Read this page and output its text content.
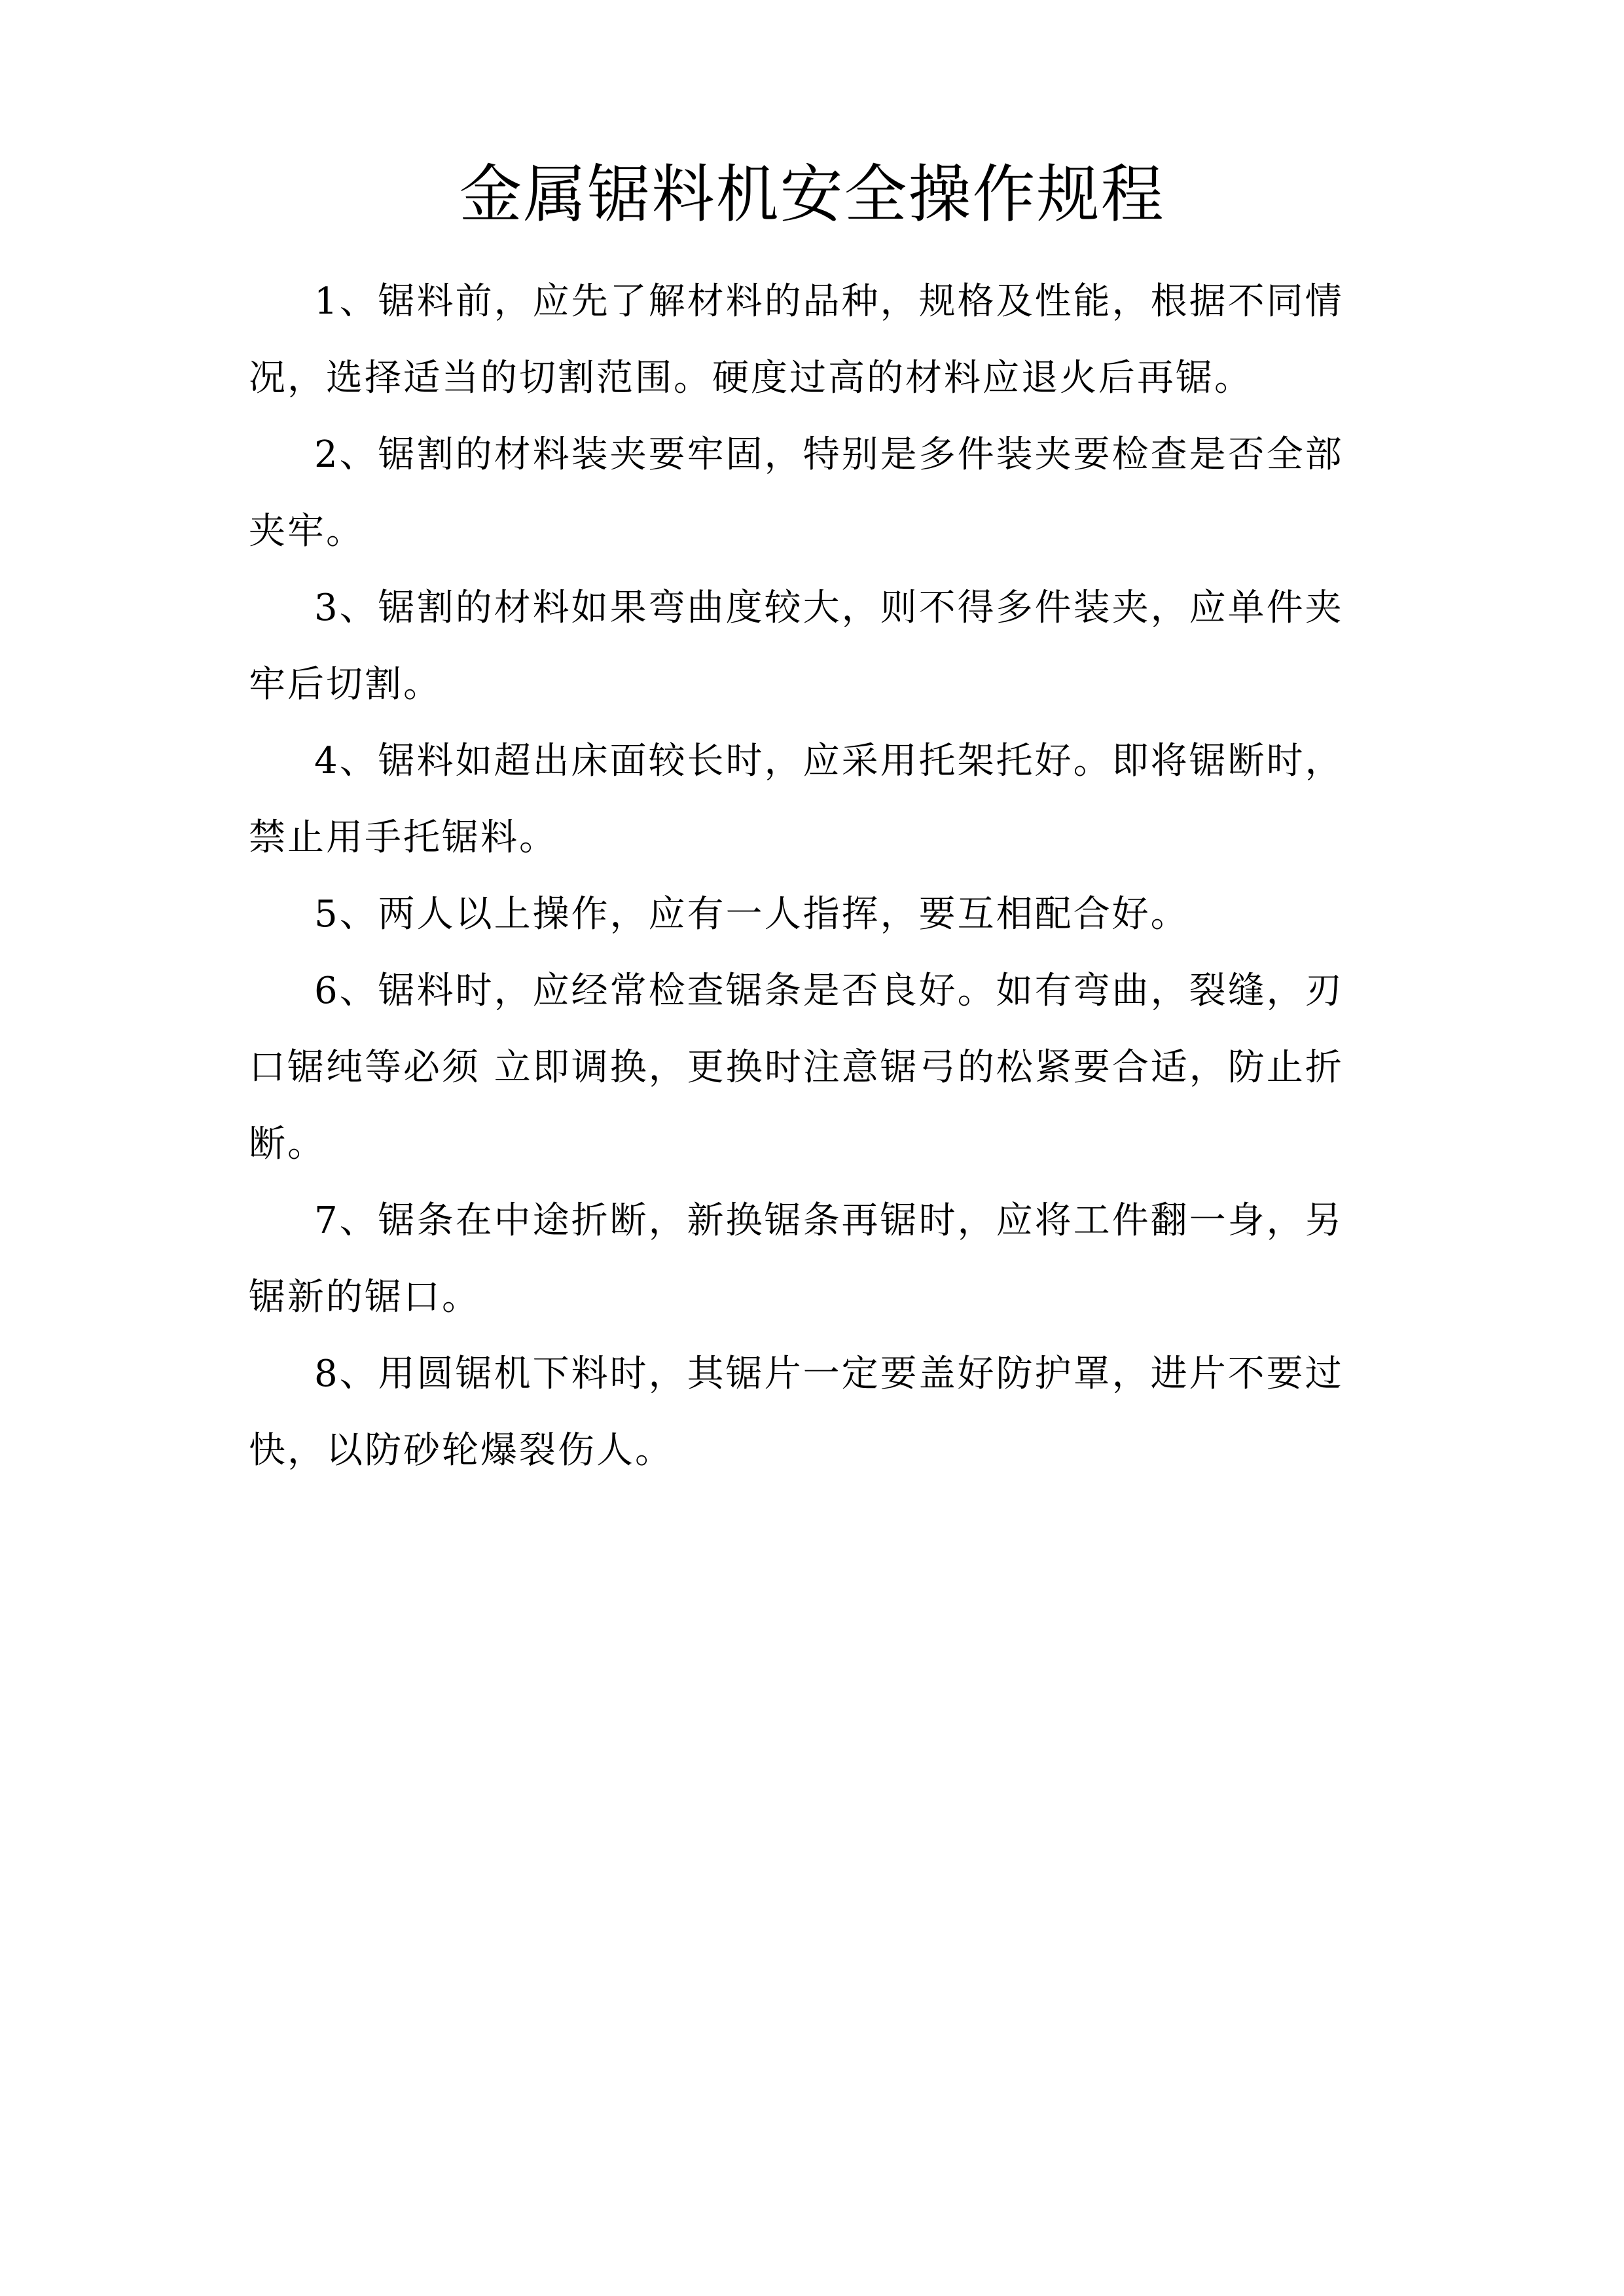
金属锯料机安全操作规程

1、锯料前，应先了解材料的品种，规格及性能，根据不同情况，选择适当的切割范围。硬度过高的材料应退火后再锯。

2、锯割的材料装夹要牢固，特别是多件装夹要检查是否全部夹牢。

3、锯割的材料如果弯曲度较大，则不得多件装夹，应单件夹牢后切割。

4、锯料如超出床面较长时，应采用托架托好。即将锯断时，禁止用手托锯料。

5、两人以上操作，应有一人指挥，要互相配合好。

6、锯料时，应经常检查锯条是否良好。如有弯曲，裂缝，刃口锯纯等必须 立即调换，更换时注意锯弓的松紧要合适，防止折断。

7、锯条在中途折断，新换锯条再锯时，应将工件翻一身，另锯新的锯口。

8、用圆锯机下料时，其锯片一定要盖好防护罩，进片不要过快，以防砂轮爆裂伤人。
